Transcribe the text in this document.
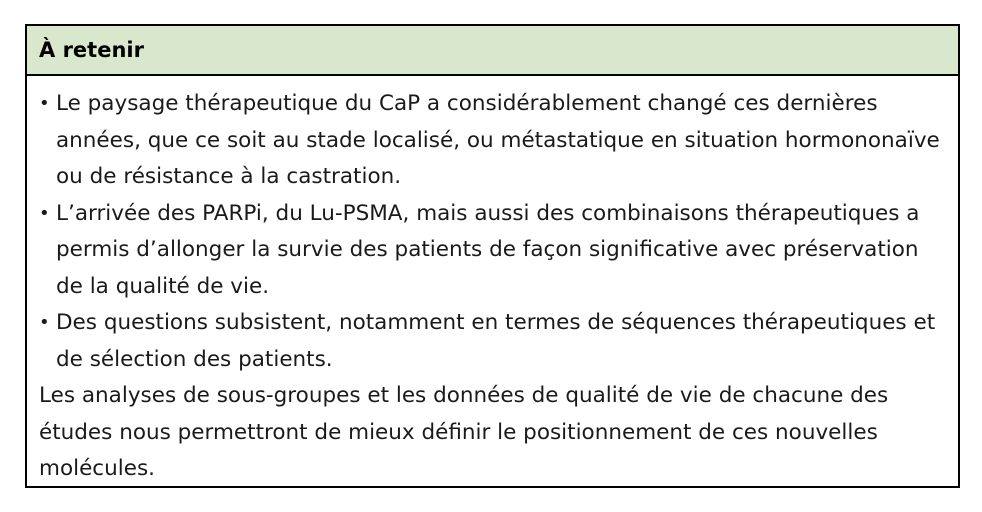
À retenir
• Le paysage thérapeutique du CaP a considérablement changé ces dernières années, que ce soit au stade localisé, ou métastatique en situation hormononaïve ou de résistance à la castration.
• L’arrivée des PARPi, du Lu-PSMA, mais aussi des combinaisons thérapeutiques a permis d’allonger la survie des patients de façon significative avec préservation de la qualité de vie.
• Des questions subsistent, notamment en termes de séquences thérapeutiques et de sélection des patients.

Les analyses de sous-groupes et les données de qualité de vie de chacune des études nous permettront de mieux définir le positionnement de ces nouvelles molécules.
